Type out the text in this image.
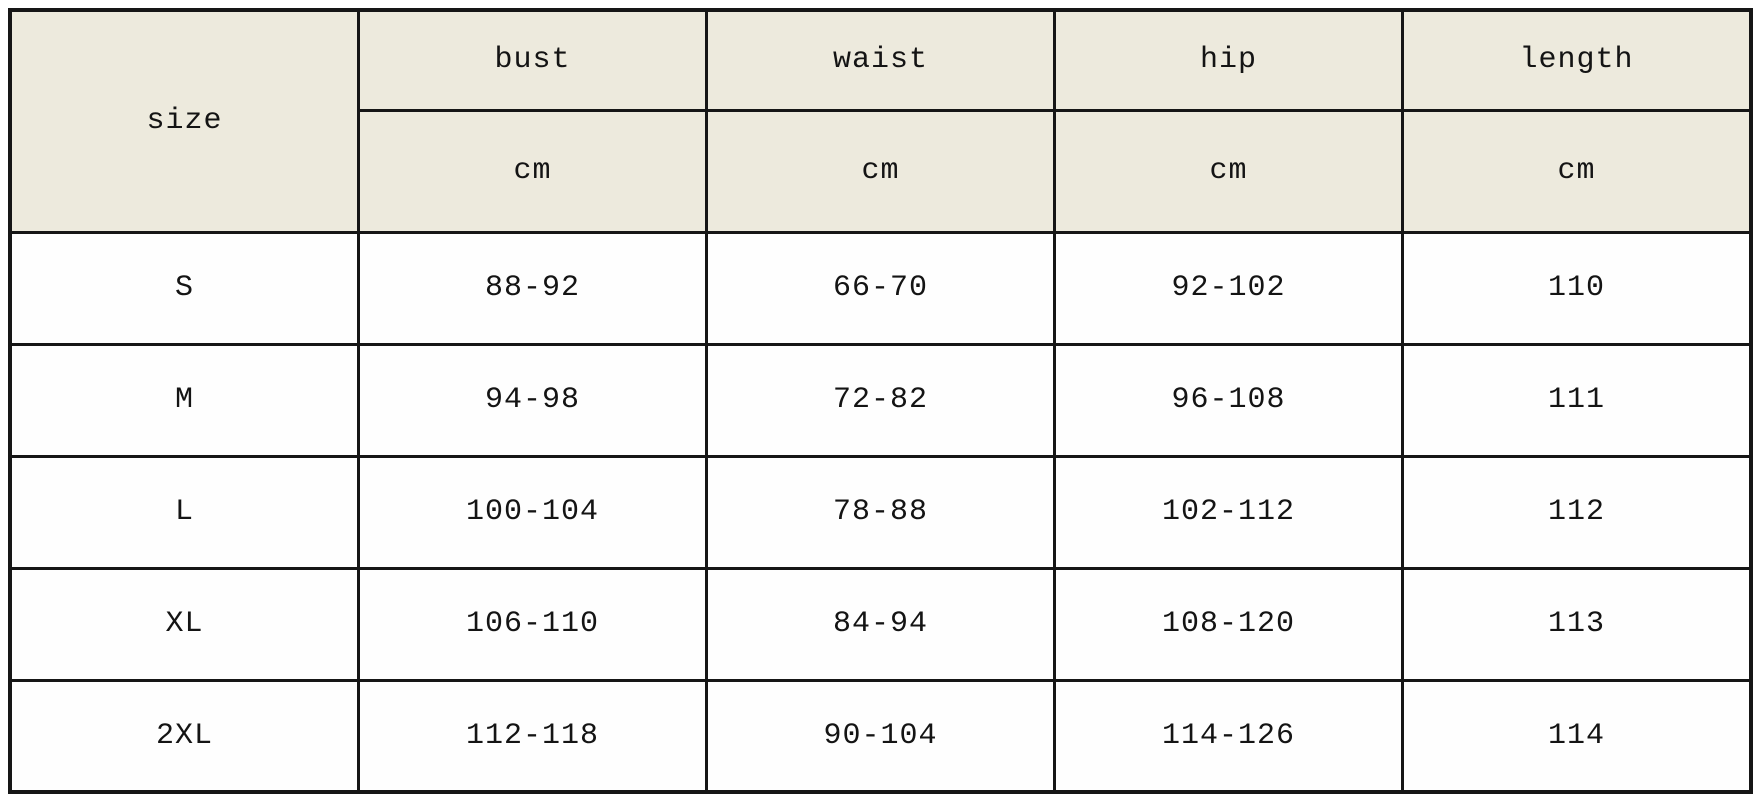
size	bust	waist	hip	length
	cm	cm	cm	cm
S	88-92	66-70	92-102	110
M	94-98	72-82	96-108	111
L	100-104	78-88	102-112	112
XL	106-110	84-94	108-120	113
2XL	112-118	90-104	114-126	114
